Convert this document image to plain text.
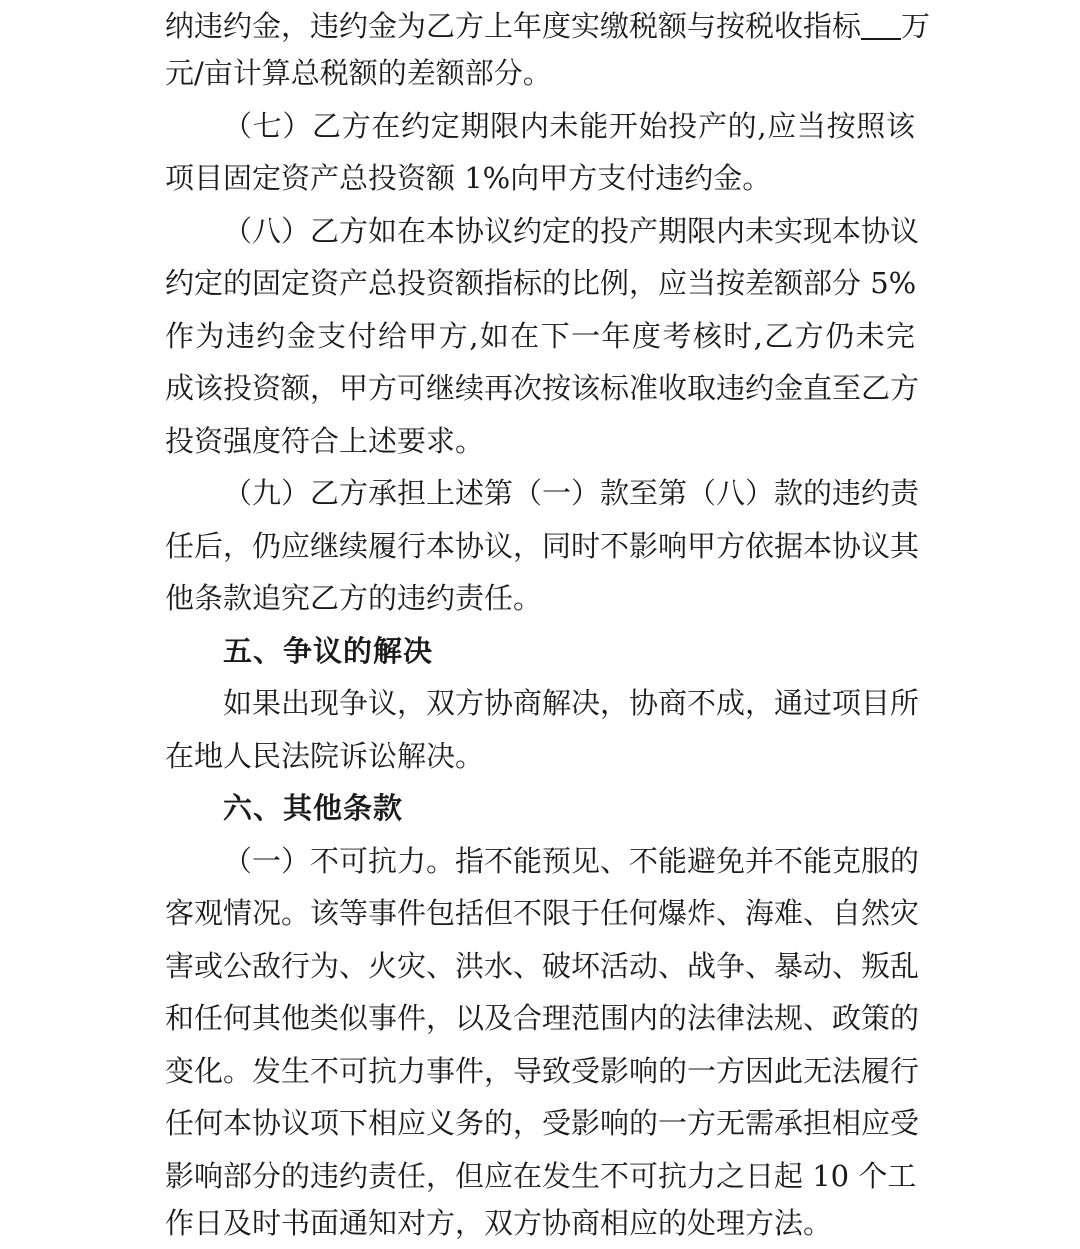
纳违约金，违约金为乙方上年度实缴税额与按税收指标 万
元/亩计算总税额的差额部分。
（七）乙方在约定期限内未能开始投产的,应当按照该
项目固定资产总投资额 1%向甲方支付违约金。
（八）乙方如在本协议约定的投产期限内未实现本协议
约定的固定资产总投资额指标的比例，应当按差额部分 5%
作为违约金支付给甲方,如在下一年度考核时,乙方仍未完
成该投资额，甲方可继续再次按该标准收取违约金直至乙方
投资强度符合上述要求。
（九）乙方承担上述第（一）款至第（八）款的违约责
任后，仍应继续履行本协议，同时不影响甲方依据本协议其
他条款追究乙方的违约责任。
五、争议的解决
如果出现争议，双方协商解决，协商不成，通过项目所
在地人民法院诉讼解决。
六、其他条款
（一）不可抗力。指不能预见、不能避免并不能克服的
客观情况。该等事件包括但不限于任何爆炸、海难、自然灾
害或公敌行为、火灾、洪水、破坏活动、战争、暴动、叛乱
和任何其他类似事件，以及合理范围内的法律法规、政策的
变化。发生不可抗力事件，导致受影响的一方因此无法履行
任何本协议项下相应义务的，受影响的一方无需承担相应受
影响部分的违约责任，但应在发生不可抗力之日起 10 个工
作日及时书面通知对方，双方协商相应的处理方法。
